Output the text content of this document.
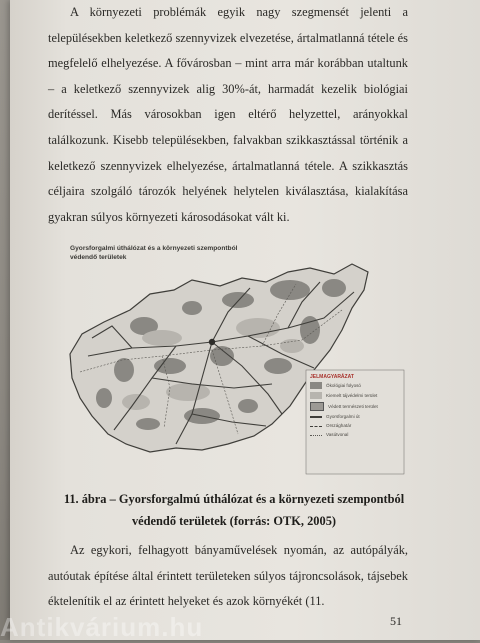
A környezeti problémák egyik nagy szegmensét jelenti a településekben keletkező szennyvizek elvezetése, ártalmatlanná tétele és megfelelő elhelyezése. A fővárosban – mint arra már korábban utaltunk – a keletkező szennyvizek alig 30%-át, harmadát kezelik biológiai derítéssel. Más városokban igen eltérő helyzettel, arányokkal találkozunk. Kisebb településekben, falvakban szikkasztással történik a keletkező szennyvizek elhelyezése, ártalmatlanná tétele. A szikkasztás céljaira szolgáló tározók helyének helytelen kiválasztása, kialakítása gyakran súlyos környezeti károsodásokat vált ki.

Gyorsforgalmi úthálózat és a környezeti szempontból védendő területek
JELMAGYARÁZAT
Ökológiai folyosó
Kiemelt tájvédelmi terület
Védett természeti terület
Gyorsforgalmi út
Országhatár
Vasútvonal
11. ábra – Gyorsforgalmú úthálózat és a környezeti szempontból
védendő területek (forrás: OTK, 2005)

Az egykori, felhagyott bányaművelések nyomán, az autópályák, autóutak építése által érintett területeken súlyos tájroncsolások, tájsebek éktelenítik el az érintett helyeket és azok környékét (11.

51
Antikvárium.hu
